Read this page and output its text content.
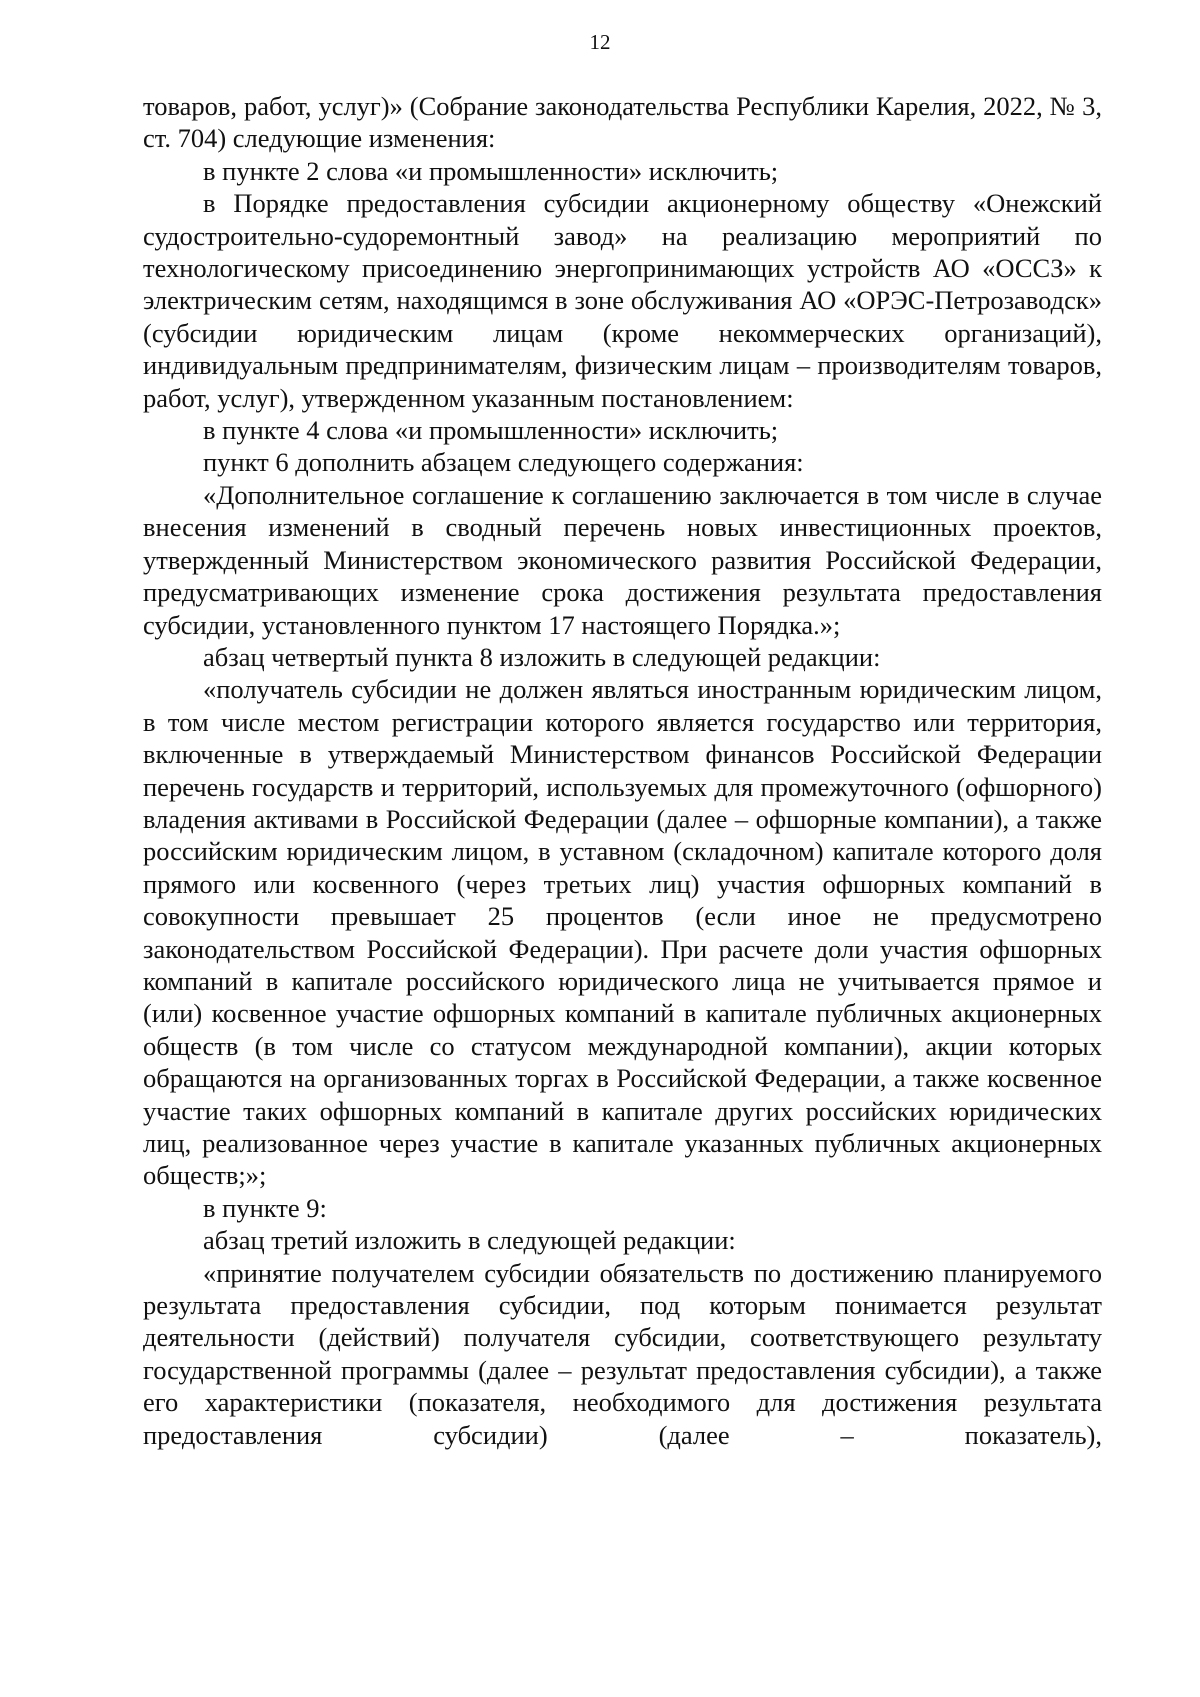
12

товаров, работ, услуг)» (Собрание законодательства Республики Карелия, 2022, № 3, ст. 704) следующие изменения:

в пункте 2 слова «и промышленности» исключить;

в Порядке предоставления субсидии акционерному обществу «Онежский судостроительно-судоремонтный завод» на реализацию мероприятий по технологическому присоединению энергопринимающих устройств АО «ОССЗ» к электрическим сетям, находящимся в зоне обслуживания АО «ОРЭС-Петрозаводск» (субсидии юридическим лицам (кроме некоммерческих организаций), индивидуальным предпринимателям, физическим лицам – производителям товаров, работ, услуг), утвержденном указанным постановлением:

в пункте 4 слова «и промышленности» исключить;

пункт 6 дополнить абзацем следующего содержания:

«Дополнительное соглашение к соглашению заключается в том числе в случае внесения изменений в сводный перечень новых инвестиционных проектов, утвержденный Министерством экономического развития Российской Федерации, предусматривающих изменение срока достижения результата предоставления субсидии, установленного пунктом 17 настоящего Порядка.»;

абзац четвертый пункта 8 изложить в следующей редакции:

«получатель субсидии не должен являться иностранным юридическим лицом, в том числе местом регистрации которого является государство или территория, включенные в утверждаемый Министерством финансов Российской Федерации перечень государств и территорий, используемых для промежуточного (офшорного) владения активами в Российской Федерации (далее – офшорные компании), а также российским юридическим лицом, в уставном (складочном) капитале которого доля прямого или косвенного (через третьих лиц) участия офшорных компаний в совокупности превышает 25 процентов (если иное не предусмотрено законодательством Российской Федерации). При расчете доли участия офшорных компаний в капитале российского юридического лица не учитывается прямое и (или) косвенное участие офшорных компаний в капитале публичных акционерных обществ (в том числе со статусом международной компании), акции которых обращаются на организованных торгах в Российской Федерации, а также косвенное участие таких офшорных компаний в капитале других российских юридических лиц, реализованное через участие в капитале указанных публичных акционерных обществ;»;

в пункте 9:

абзац третий изложить в следующей редакции:

«принятие получателем субсидии обязательств по достижению планируемого результата предоставления субсидии, под которым понимается результат деятельности (действий) получателя субсидии, соответствующего результату государственной программы (далее – результат предоставления субсидии), а также его характеристики (показателя, необходимого для достижения результата предоставления субсидии) (далее – показатель),
